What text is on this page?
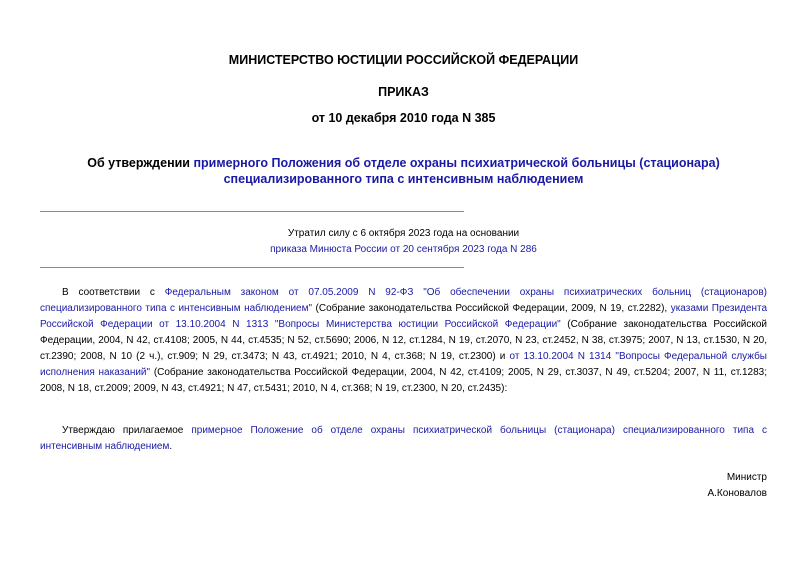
МИНИСТЕРСТВО ЮСТИЦИИ РОССИЙСКОЙ ФЕДЕРАЦИИ
ПРИКАЗ
от 10 декабря 2010 года N 385
Об утверждении примерного Положения об отделе охраны психиатрической больницы (стационара) специализированного типа с интенсивным наблюдением
Утратил силу с 6 октября 2023 года на основании
приказа Минюста России от 20 сентября 2023 года N 286
В соответствии с Федеральным законом от 07.05.2009 N 92-ФЗ "Об обеспечении охраны психиатрических больниц (стационаров) специализированного типа с интенсивным наблюдением" (Собрание законодательства Российской Федерации, 2009, N 19, ст.2282), указами Президента Российской Федерации от 13.10.2004 N 1313 "Вопросы Министерства юстиции Российской Федерации" (Собрание законодательства Российской Федерации, 2004, N 42, ст.4108; 2005, N 44, ст.4535; N 52, ст.5690; 2006, N 12, ст.1284, N 19, ст.2070, N 23, ст.2452, N 38, ст.3975; 2007, N 13, ст.1530, N 20, ст.2390; 2008, N 10 (2 ч.), ст.909; N 29, ст.3473; N 43, ст.4921; 2010, N 4, ст.368; N 19, ст.2300) и от 13.10.2004 N 1314 "Вопросы Федеральной службы исполнения наказаний" (Собрание законодательства Российской Федерации, 2004, N 42, ст.4109; 2005, N 29, ст.3037, N 49, ст.5204; 2007, N 11, ст.1283; 2008, N 18, ст.2009; 2009, N 43, ст.4921; N 47, ст.5431; 2010, N 4, ст.368; N 19, ст.2300, N 20, ст.2435):
Утверждаю прилагаемое примерное Положение об отделе охраны психиатрической больницы (стационара) специализированного типа с интенсивным наблюдением.
Министр
А.Коновалов
